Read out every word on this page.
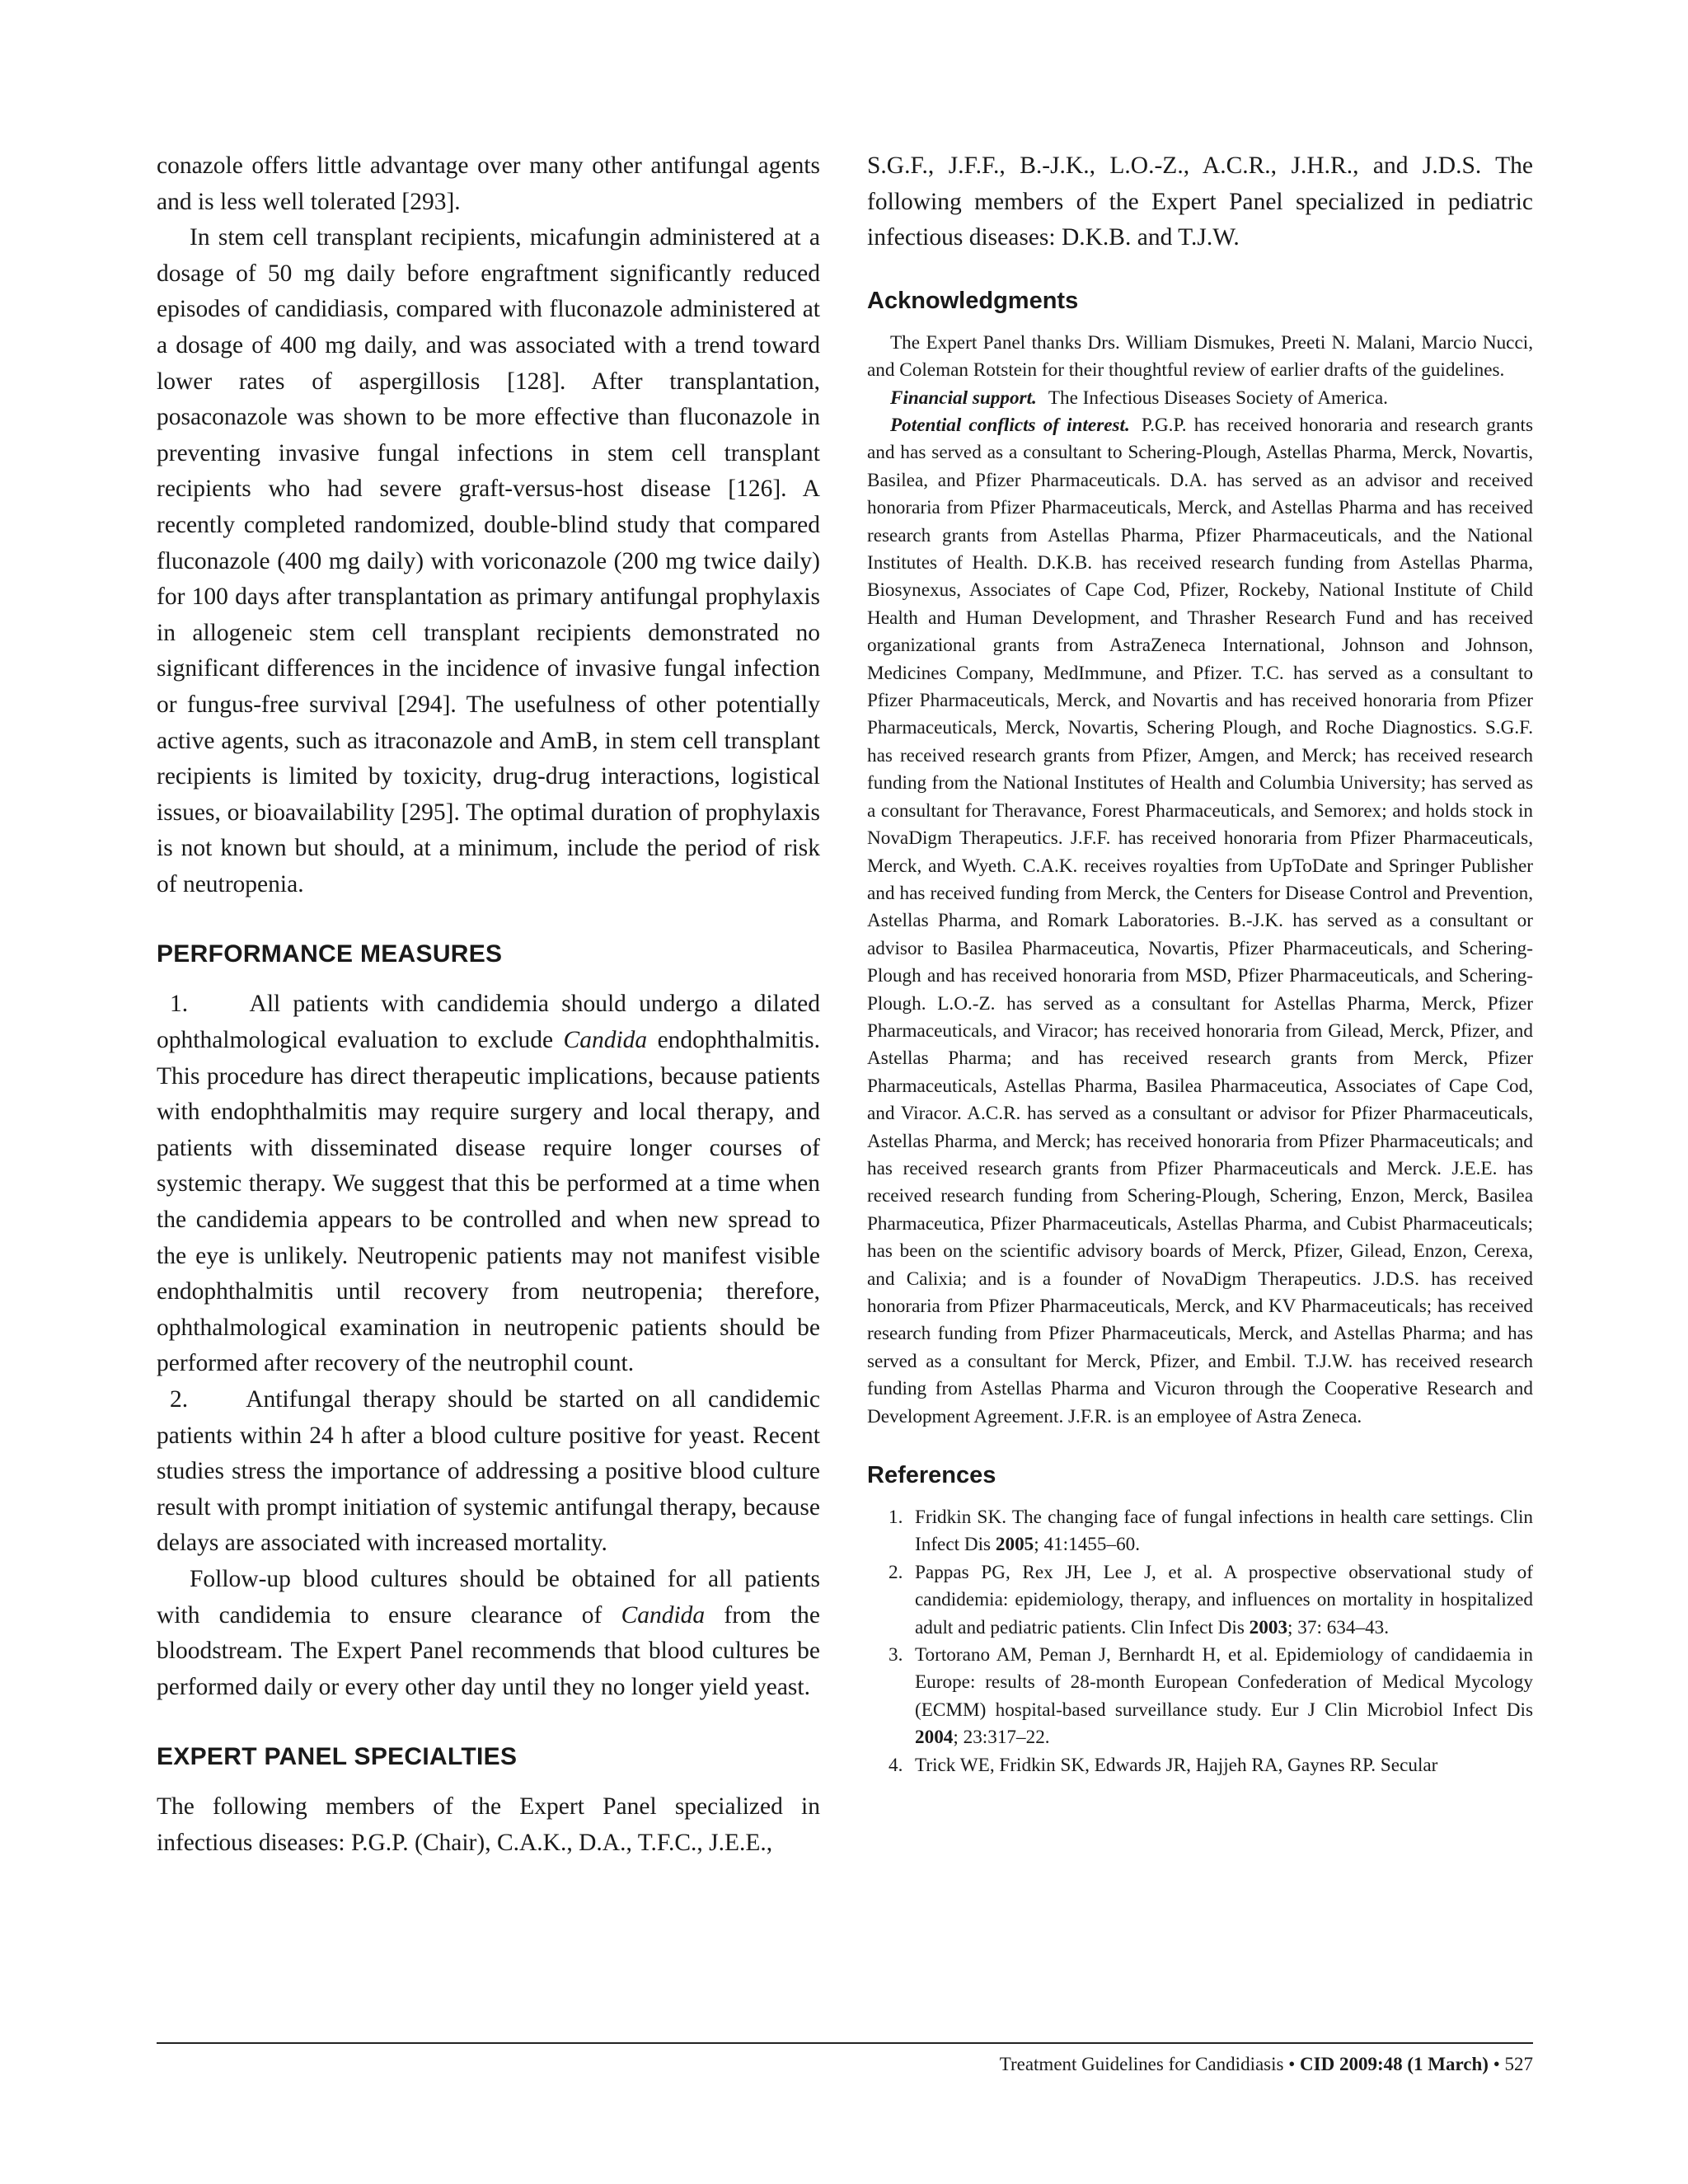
conazole offers little advantage over many other antifungal agents and is less well tolerated [293].

In stem cell transplant recipients, micafungin administered at a dosage of 50 mg daily before engraftment significantly reduced episodes of candidiasis, compared with fluconazole administered at a dosage of 400 mg daily, and was associated with a trend toward lower rates of aspergillosis [128]. After transplantation, posaconazole was shown to be more effective than fluconazole in preventing invasive fungal infections in stem cell transplant recipients who had severe graft-versus-host disease [126]. A recently completed randomized, double-blind study that compared fluconazole (400 mg daily) with voriconazole (200 mg twice daily) for 100 days after transplantation as primary antifungal prophylaxis in allogeneic stem cell transplant recipients demonstrated no significant differences in the incidence of invasive fungal infection or fungus-free survival [294]. The usefulness of other potentially active agents, such as itraconazole and AmB, in stem cell transplant recipients is limited by toxicity, drug-drug interactions, logistical issues, or bioavailability [295]. The optimal duration of prophylaxis is not known but should, at a minimum, include the period of risk of neutropenia.

PERFORMANCE MEASURES

1.	All patients with candidemia should undergo a dilated ophthalmological evaluation to exclude Candida endophthalmitis. This procedure has direct therapeutic implications, because patients with endophthalmitis may require surgery and local therapy, and patients with disseminated disease require longer courses of systemic therapy. We suggest that this be performed at a time when the candidemia appears to be controlled and when new spread to the eye is unlikely. Neutropenic patients may not manifest visible endophthalmitis until recovery from neutropenia; therefore, ophthalmological examination in neutropenic patients should be performed after recovery of the neutrophil count.

2. Antifungal therapy should be started on all candidemic patients within 24 h after a blood culture positive for yeast. Recent studies stress the importance of addressing a positive blood culture result with prompt initiation of systemic antifungal therapy, because delays are associated with increased mortality.

Follow-up blood cultures should be obtained for all patients with candidemia to ensure clearance of Candida from the bloodstream. The Expert Panel recommends that blood cultures be performed daily or every other day until they no longer yield yeast.

EXPERT PANEL SPECIALTIES

The following members of the Expert Panel specialized in infectious diseases: P.G.P. (Chair), C.A.K., D.A., T.F.C., J.E.E.,

S.G.F., J.F.F., B.-J.K., L.O.-Z., A.C.R., J.H.R., and J.D.S. The following members of the Expert Panel specialized in pediatric infectious diseases: D.K.B. and T.J.W.

Acknowledgments

The Expert Panel thanks Drs. William Dismukes, Preeti N. Malani, Marcio Nucci, and Coleman Rotstein for their thoughtful review of earlier drafts of the guidelines.

Financial support. The Infectious Diseases Society of America.

Potential conflicts of interest. P.G.P. has received honoraria and research grants and has served as a consultant to Schering-Plough, Astellas Pharma, Merck, Novartis, Basilea, and Pfizer Pharmaceuticals. D.A. has served as an advisor and received honoraria from Pfizer Pharmaceuticals, Merck, and Astellas Pharma and has received research grants from Astellas Pharma, Pfizer Pharmaceuticals, and the National Institutes of Health. D.K.B. has received research funding from Astellas Pharma, Biosynexus, Associates of Cape Cod, Pfizer, Rockeby, National Institute of Child Health and Human Development, and Thrasher Research Fund and has received organizational grants from AstraZeneca International, Johnson and Johnson, Medicines Company, MedImmune, and Pfizer. T.C. has served as a consultant to Pfizer Pharmaceuticals, Merck, and Novartis and has received honoraria from Pfizer Pharmaceuticals, Merck, Novartis, Schering Plough, and Roche Diagnostics. S.G.F. has received research grants from Pfizer, Amgen, and Merck; has received research funding from the National Institutes of Health and Columbia University; has served as a consultant for Theravance, Forest Pharmaceuticals, and Semorex; and holds stock in NovaDigm Therapeutics. J.F.F. has received honoraria from Pfizer Pharmaceuticals, Merck, and Wyeth. C.A.K. receives royalties from UpToDate and Springer Publisher and has received funding from Merck, the Centers for Disease Control and Prevention, Astellas Pharma, and Romark Laboratories. B.-J.K. has served as a consultant or advisor to Basilea Pharmaceutica, Novartis, Pfizer Pharmaceuticals, and Schering-Plough and has received honoraria from MSD, Pfizer Pharmaceuticals, and Schering-Plough. L.O.-Z. has served as a consultant for Astellas Pharma, Merck, Pfizer Pharmaceuticals, and Viracor; has received honoraria from Gilead, Merck, Pfizer, and Astellas Pharma; and has received research grants from Merck, Pfizer Pharmaceuticals, Astellas Pharma, Basilea Pharmaceutica, Associates of Cape Cod, and Viracor. A.C.R. has served as a consultant or advisor for Pfizer Pharmaceuticals, Astellas Pharma, and Merck; has received honoraria from Pfizer Pharmaceuticals; and has received research grants from Pfizer Pharmaceuticals and Merck. J.E.E. has received research funding from Schering-Plough, Schering, Enzon, Merck, Basilea Pharmaceutica, Pfizer Pharmaceuticals, Astellas Pharma, and Cubist Pharmaceuticals; has been on the scientific advisory boards of Merck, Pfizer, Gilead, Enzon, Cerexa, and Calixia; and is a founder of NovaDigm Therapeutics. J.D.S. has received honoraria from Pfizer Pharmaceuticals, Merck, and KV Pharmaceuticals; has received research funding from Pfizer Pharmaceuticals, Merck, and Astellas Pharma; and has served as a consultant for Merck, Pfizer, and Embil. T.J.W. has received research funding from Astellas Pharma and Vicuron through the Cooperative Research and Development Agreement. J.F.R. is an employee of Astra Zeneca.

References
1. Fridkin SK. The changing face of fungal infections in health care settings. Clin Infect Dis 2005; 41:1455–60.
2. Pappas PG, Rex JH, Lee J, et al. A prospective observational study of candidemia: epidemiology, therapy, and influences on mortality in hospitalized adult and pediatric patients. Clin Infect Dis 2003; 37: 634–43.
3. Tortorano AM, Peman J, Bernhardt H, et al. Epidemiology of candidaemia in Europe: results of 28-month European Confederation of Medical Mycology (ECMM) hospital-based surveillance study. Eur J Clin Microbiol Infect Dis 2004; 23:317–22.
4. Trick WE, Fridkin SK, Edwards JR, Hajjeh RA, Gaynes RP. Secular
Treatment Guidelines for Candidiasis • CID 2009:48 (1 March) • 527
